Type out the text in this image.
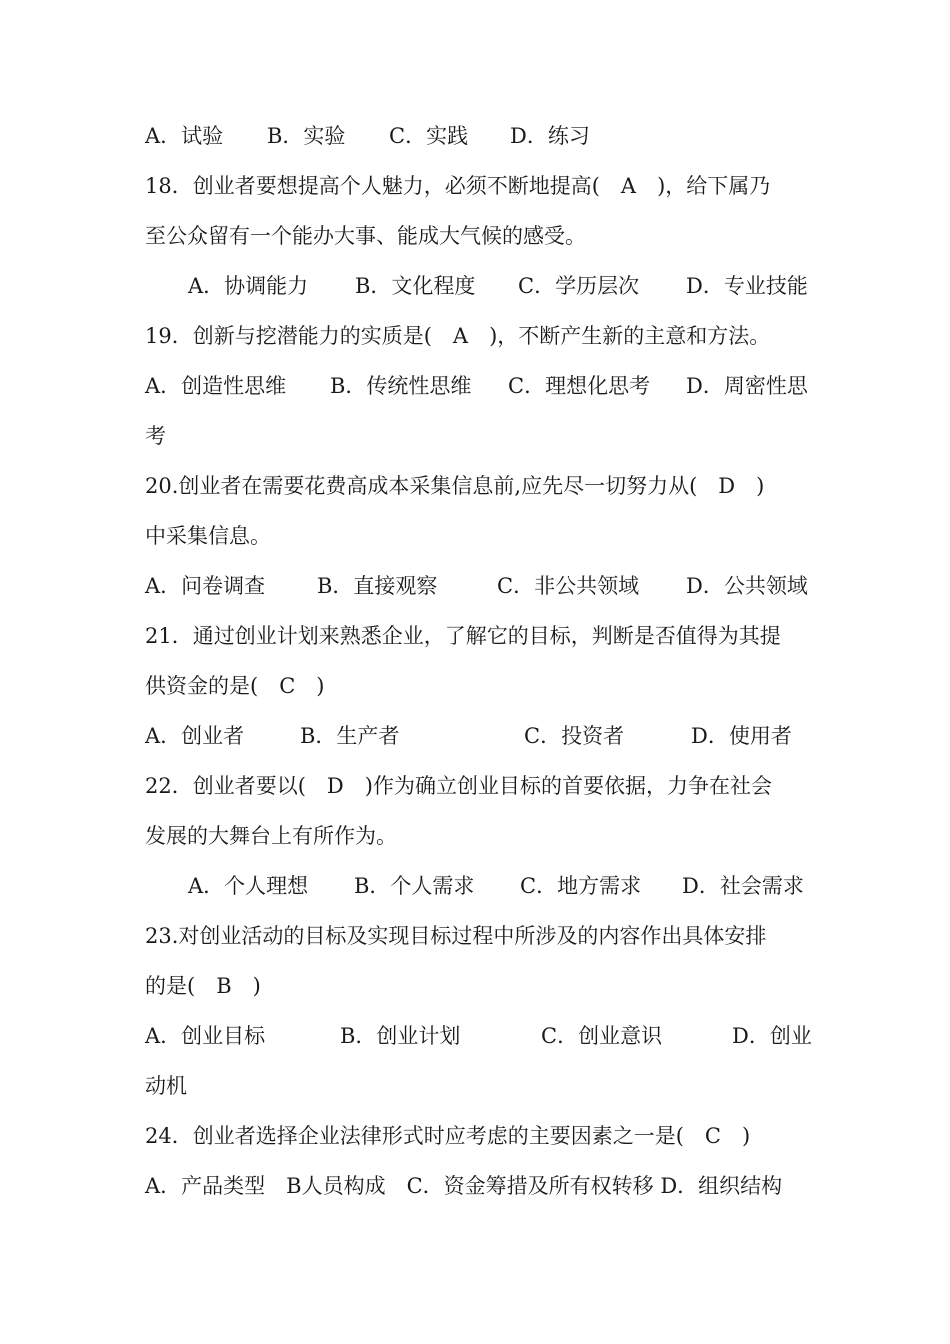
A．试验 B．实验 C．实践 D．练习
18．创业者要想提高个人魅力，必须不断地提高(　A　)，给下属乃
至公众留有一个能办大事、能成大气候的感受。
A．协调能力 B．文化程度 C．学历层次 D．专业技能
19．创新与挖潜能力的实质是(　A　)，不断产生新的主意和方法。
A．创造性思维 B．传统性思维 C．理想化思考 D．周密性思
考
20.创业者在需要花费高成本采集信息前,应先尽一切努力从(　D　)
中采集信息。
A．问卷调查 B．直接观察	C．非公共领域 D．公共领域
21．通过创业计划来熟悉企业，了解它的目标，判断是否值得为其提
供资金的是(　C　)
A．创业者	B．生产者	C．投资者	D．使用者
22．创业者要以(　D　)作为确立创业目标的首要依据，力争在社会
发展的大舞台上有所作为。
A．个人理想 B．个人需求 C．地方需求 D．社会需求
23.对创业活动的目标及实现目标过程中所涉及的内容作出具体安排
的是(　B　)
A．创业目标	B．创业计划	C．创业意识	D．创业
动机
24．创业者选择企业法律形式时应考虑的主要因素之一是(　C　)
A．产品类型　B人员构成　C．资金筹措及所有权转移 D．组织结构
